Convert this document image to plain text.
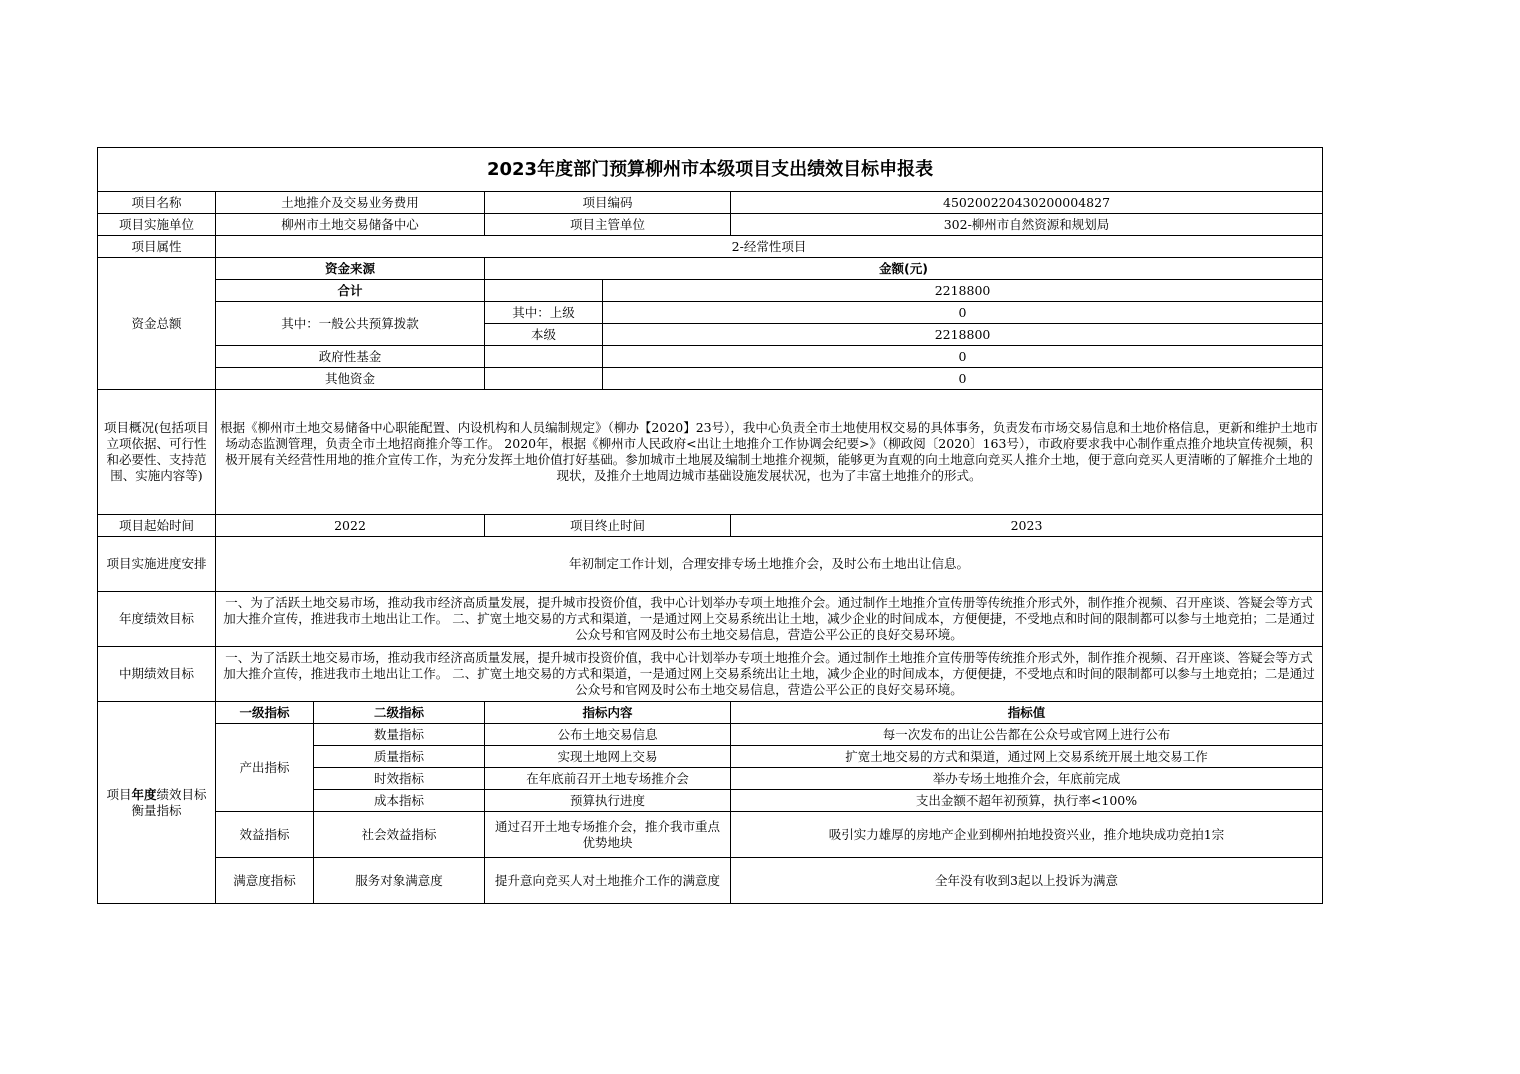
2023年度部门预算柳州市本级项目支出绩效目标申报表					
项目名称	土地推介及交易业务费用		项目编码		450200220430200004827
项目实施单位	柳州市土地交易储备中心		项目主管单位		302-柳州市自然资源和规划局
项目属性	2-经常性项目				
资金总额	资金来源		金额(元)		
	合计			2218800	
	其中：一般公共预算拨款		其中：上级	0	
			本级	2218800	
	政府性基金			0	
	其他资金			0	
项目概况(包括项目立项依据、可行性和必要性、支持范围、实施内容等)	根据《柳州市土地交易储备中心职能配置、内设机构和人员编制规定》（柳办【2020】23号），我中心负责全市土地使用权交易的具体事务，负责发布市场交易信息和土地价格信息，更新和维护土地市场动态监测管理，负责全市土地招商推介等工作。 2020年，根据《柳州市人民政府<出让土地推介工作协调会纪要>》（柳政阅〔2020〕163号），市政府要求我中心制作重点推介地块宣传视频，积极开展有关经营性用地的推介宣传工作，为充分发挥土地价值打好基础。参加城市土地展及编制土地推介视频，能够更为直观的向土地意向竞买人推介土地，便于意向竞买人更清晰的了解推介土地的现状，及推介土地周边城市基础设施发展状况，也为了丰富土地推介的形式。				
项目起始时间	2022		项目终止时间		2023
项目实施进度安排	年初制定工作计划，合理安排专场土地推介会，及时公布土地出让信息。				
年度绩效目标	一、为了活跃土地交易市场，推动我市经济高质量发展，提升城市投资价值，我中心计划举办专项土地推介会。通过制作土地推介宣传册等传统推介形式外，制作推介视频、召开座谈、答疑会等方式加大推介宣传，推进我市土地出让工作。 二、扩宽土地交易的方式和渠道，一是通过网上交易系统出让土地，减少企业的时间成本，方便便捷，不受地点和时间的限制都可以参与土地竞拍；二是通过公众号和官网及时公布土地交易信息，营造公平公正的良好交易环境。				
中期绩效目标	一、为了活跃土地交易市场，推动我市经济高质量发展，提升城市投资价值，我中心计划举办专项土地推介会。通过制作土地推介宣传册等传统推介形式外，制作推介视频、召开座谈、答疑会等方式加大推介宣传，推进我市土地出让工作。 二、扩宽土地交易的方式和渠道，一是通过网上交易系统出让土地，减少企业的时间成本，方便便捷，不受地点和时间的限制都可以参与土地竞拍；二是通过公众号和官网及时公布土地交易信息，营造公平公正的良好交易环境。				
项目年度绩效目标衡量指标	一级指标	二级指标	指标内容		指标值
	产出指标	数量指标	公布土地交易信息		每一次发布的出让公告都在公众号或官网上进行公布
		质量指标	实现土地网上交易		扩宽土地交易的方式和渠道，通过网上交易系统开展土地交易工作
		时效指标	在年底前召开土地专场推介会		举办专场土地推介会，年底前完成
		成本指标	预算执行进度		支出金额不超年初预算，执行率<100%
	效益指标	社会效益指标	通过召开土地专场推介会，推介我市重点优势地块		吸引实力雄厚的房地产企业到柳州拍地投资兴业，推介地块成功竞拍1宗
	满意度指标	服务对象满意度	提升意向竞买人对土地推介工作的满意度		全年没有收到3起以上投诉为满意
